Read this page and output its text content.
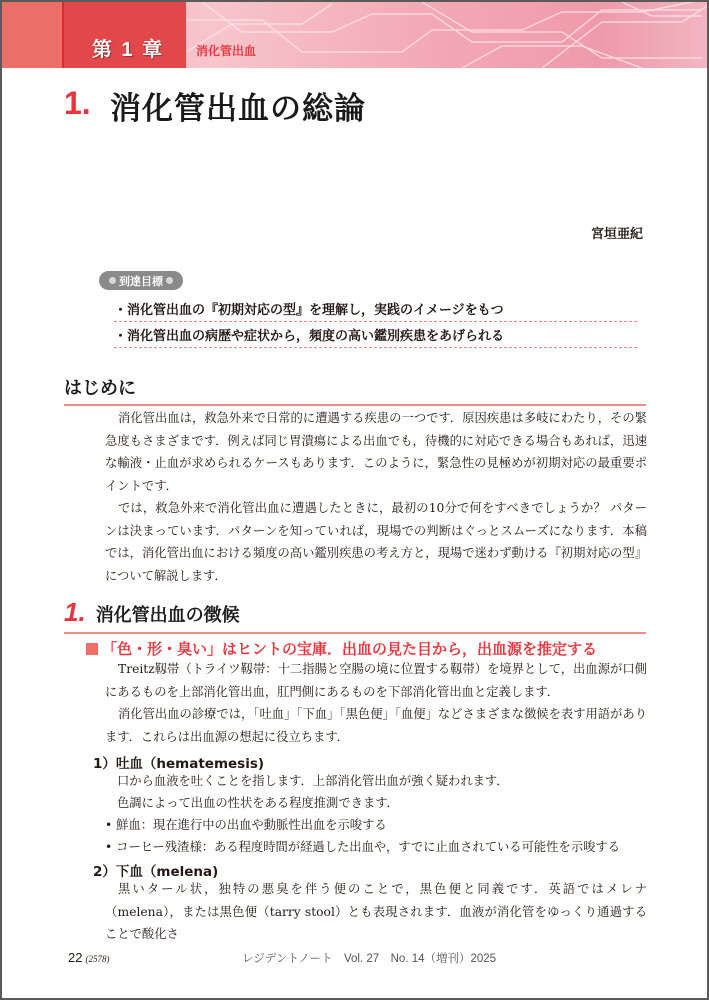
第 1 章	消化管出血
1. 消化管出血の総論
宮垣亜紀
到達目標
・消化管出血の『初期対応の型』を理解し，実践のイメージをもつ
・消化管出血の病歴や症状から，頻度の高い鑑別疾患をあげられる
はじめに
消化管出血は，救急外来で日常的に遭遇する疾患の一つです．原因疾患は多岐にわたり，その緊急度もさまざまです．例えば同じ胃潰瘍による出血でも，待機的に対応できる場合もあれば，迅速な輸液・止血が求められるケースもあります．このように，緊急性の見極めが初期対応の最重要ポイントです．
では，救急外来で消化管出血に遭遇したときに，最初の10分で何をすべきでしょうか？ パターンは決まっています．パターンを知っていれば，現場での判断はぐっとスムーズになります．本稿では，消化管出血における頻度の高い鑑別疾患の考え方と，現場で迷わず動ける『初期対応の型』について解説します．
1. 消化管出血の徴候
「色・形・臭い」はヒントの宝庫．出血の見た目から，出血源を推定する
Treitz靱帯（トライツ靱帯：十二指腸と空腸の境に位置する靱帯）を境界として，出血源が口側にあるものを上部消化管出血，肛門側にあるものを下部消化管出血と定義します．
消化管出血の診療では，「吐血」「下血」「黒色便」「血便」などさまざまな徴候を表す用語があります．これらは出血源の想起に役立ちます．
1）吐血（hematemesis)
口から血液を吐くことを指します．上部消化管出血が強く疑われます．
色調によって出血の性状をある程度推測できます．
• 鮮血：現在進行中の出血や動脈性出血を示唆する
• コーヒー残渣様：ある程度時間が経過した出血や，すでに止血されている可能性を示唆する
2）下血（melena)
黒いタール状，独特の悪臭を伴う便のことで，黒色便と同義です．英語ではメレナ（melena），または黒色便（tarry stool）とも表現されます．血液が消化管をゆっくり通過することで酸化さ
22 (2578)	レジデントノート　Vol. 27　No. 14（増刊）2025
